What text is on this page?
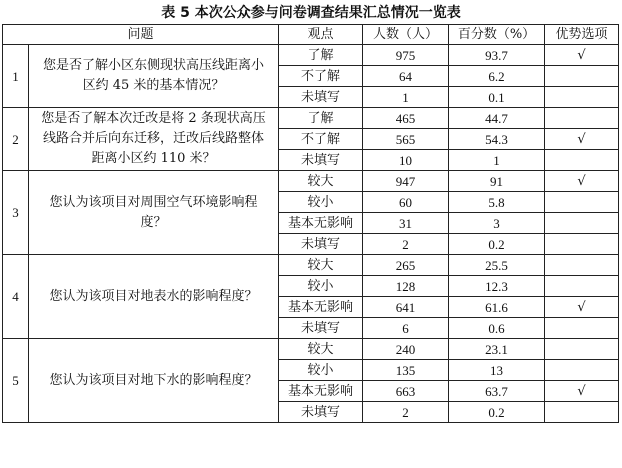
表 5 本次公众参与问卷调查结果汇总情况一览表
问题		观点	人数（人）	百分数（%）	优势选项
1	您是否了解小区东侧现状高压线距离小区约 45 米的基本情况？	了解	975	93.7	√
		不了解	64	6.2	
		未填写	1	0.1	
2	您是否了解本次迁改是将 2 条现状高压线路合并后向东迁移，迁改后线路整体距离小区约 110 米？	了解	465	44.7	
		不了解	565	54.3	√
		未填写	10	1	
3	您认为该项目对周围空气环境影响程度？	较大	947	91	√
		较小	60	5.8	
		基本无影响	31	3	
		未填写	2	0.2	
4	您认为该项目对地表水的影响程度？	较大	265	25.5	
		较小	128	12.3	
		基本无影响	641	61.6	√
		未填写	6	0.6	
5	您认为该项目对地下水的影响程度？	较大	240	23.1	
		较小	135	13	
		基本无影响	663	63.7	√
		未填写	2	0.2	
